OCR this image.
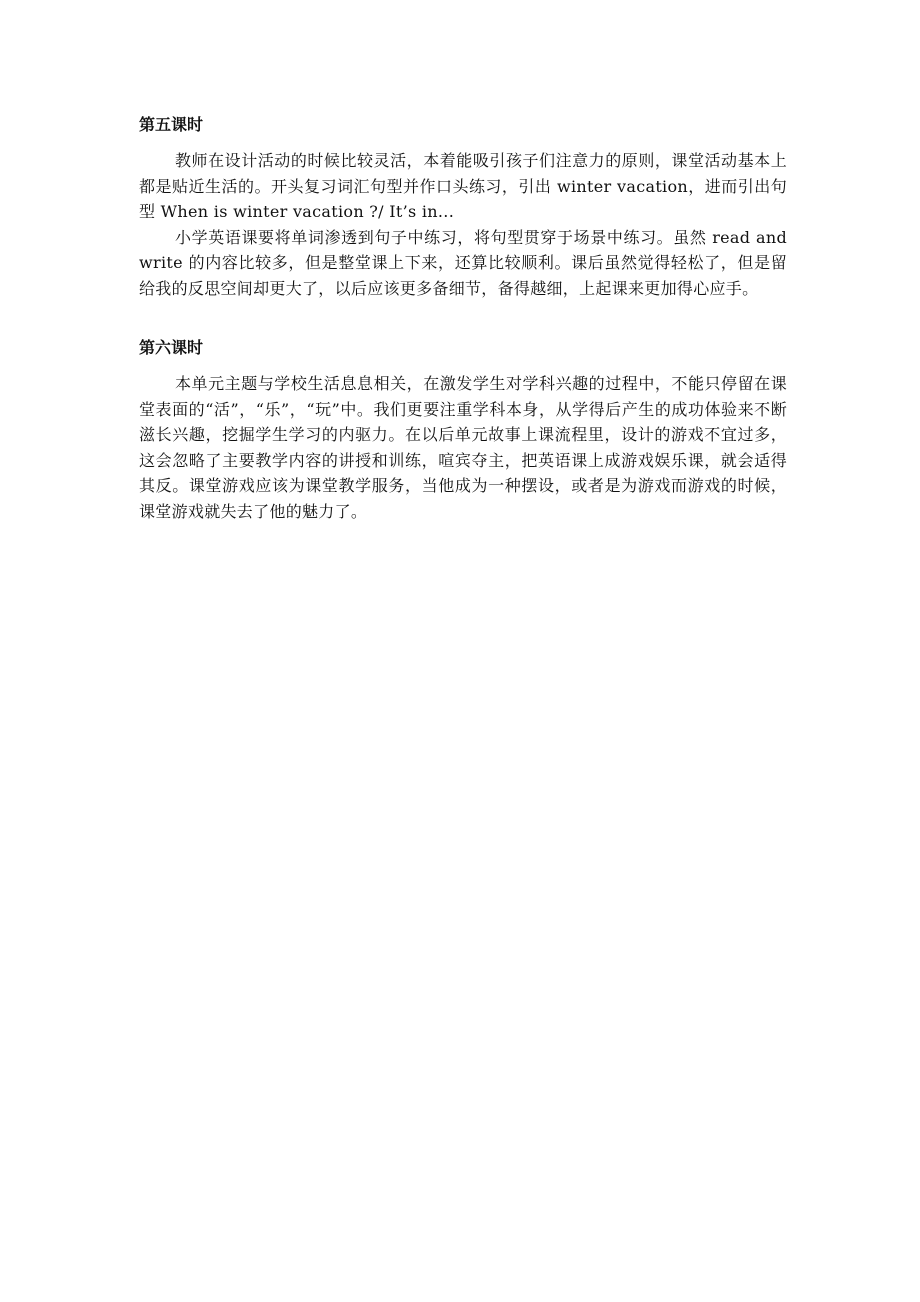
第五课时

教师在设计活动的时候比较灵活，本着能吸引孩子们注意力的原则，课堂活动基本上都是贴近生活的。开头复习词汇句型并作口头练习，引出 winter vacation，进而引出句型 When is winter vacation ?/ It’s in...

小学英语课要将单词渗透到句子中练习，将句型贯穿于场景中练习。虽然 read and write 的内容比较多，但是整堂课上下来，还算比较顺利。课后虽然觉得轻松了，但是留给我的反思空间却更大了，以后应该更多备细节，备得越细，上起课来更加得心应手。

第六课时

本单元主题与学校生活息息相关，在激发学生对学科兴趣的过程中，不能只停留在课堂表面的“活”，“乐”，“玩”中。我们更要注重学科本身，从学得后产生的成功体验来不断滋长兴趣，挖掘学生学习的内驱力。在以后单元故事上课流程里，设计的游戏不宜过多，这会忽略了主要教学内容的讲授和训练，喧宾夺主，把英语课上成游戏娱乐课，就会适得其反。课堂游戏应该为课堂教学服务，当他成为一种摆设，或者是为游戏而游戏的时候，课堂游戏就失去了他的魅力了。
